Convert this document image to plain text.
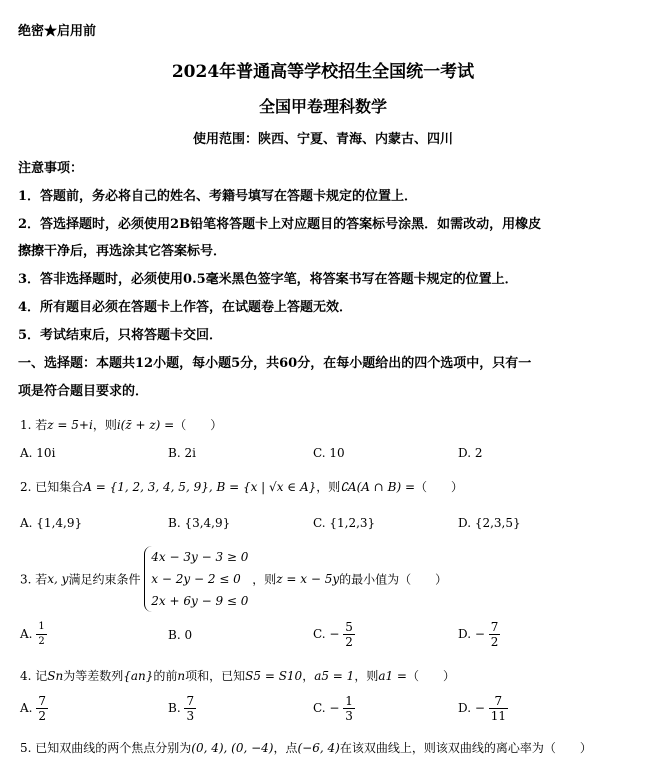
绝密★启用前
2024年普通高等学校招生全国统一考试
全国甲卷理科数学
使用范围：陕西、宁夏、青海、内蒙古、四川
注意事项：
1．答题前，务必将自己的姓名、考籍号填写在答题卡规定的位置上．
2．答选择题时，必须使用2B铅笔将答题卡上对应题目的答案标号涂黑．如需改动，用橡皮
擦擦干净后，再选涂其它答案标号．
3．答非选择题时，必须使用0.5毫米黑色签字笔，将答案书写在答题卡规定的位置上．
4．所有题目必须在答题卡上作答，在试题卷上答题无效．
5．考试结束后，只将答题卡交回．
一、选择题：本题共12小题，每小题5分，共60分，在每小题给出的四个选项中，只有一
项是符合题目要求的．
1. 若z = 5+i，则i(z̄ + z) =（　　）
A. 10i	B. 2i	C. 10	D. 2
2. 已知集合A = {1, 2, 3, 4, 5, 9}, B = {x | √x ∈ A}，则∁A(A ∩ B) =（　　）
A. {1,4,9}	B. {3,4,9}	C. {1,2,3}	D. {2,3,5}
3. 若x, y满足约束条件
4x − 3y − 3 ≥ 0
x − 2y − 2 ≤ 0
2x + 6y − 9 ≤ 0
，则z = x − 5y的最小值为（　　）
A. $\frac{1}{2}$	B. 0	C. − $\frac{5}{2}$	D. − $\frac{7}{2}$
4. 记Sn为等差数列{an}的前n项和，已知S5 = S10，a5 = 1，则a1 =（　　）
A. $\frac{7}{2}$	B. $\frac{7}{3}$	C. − $\frac{1}{3}$	D. − $\frac{7}{11}$
5. 已知双曲线的两个焦点分别为(0, 4), (0, −4)，点(−6, 4)在该双曲线上，则该双曲线的离心率为（　　）
